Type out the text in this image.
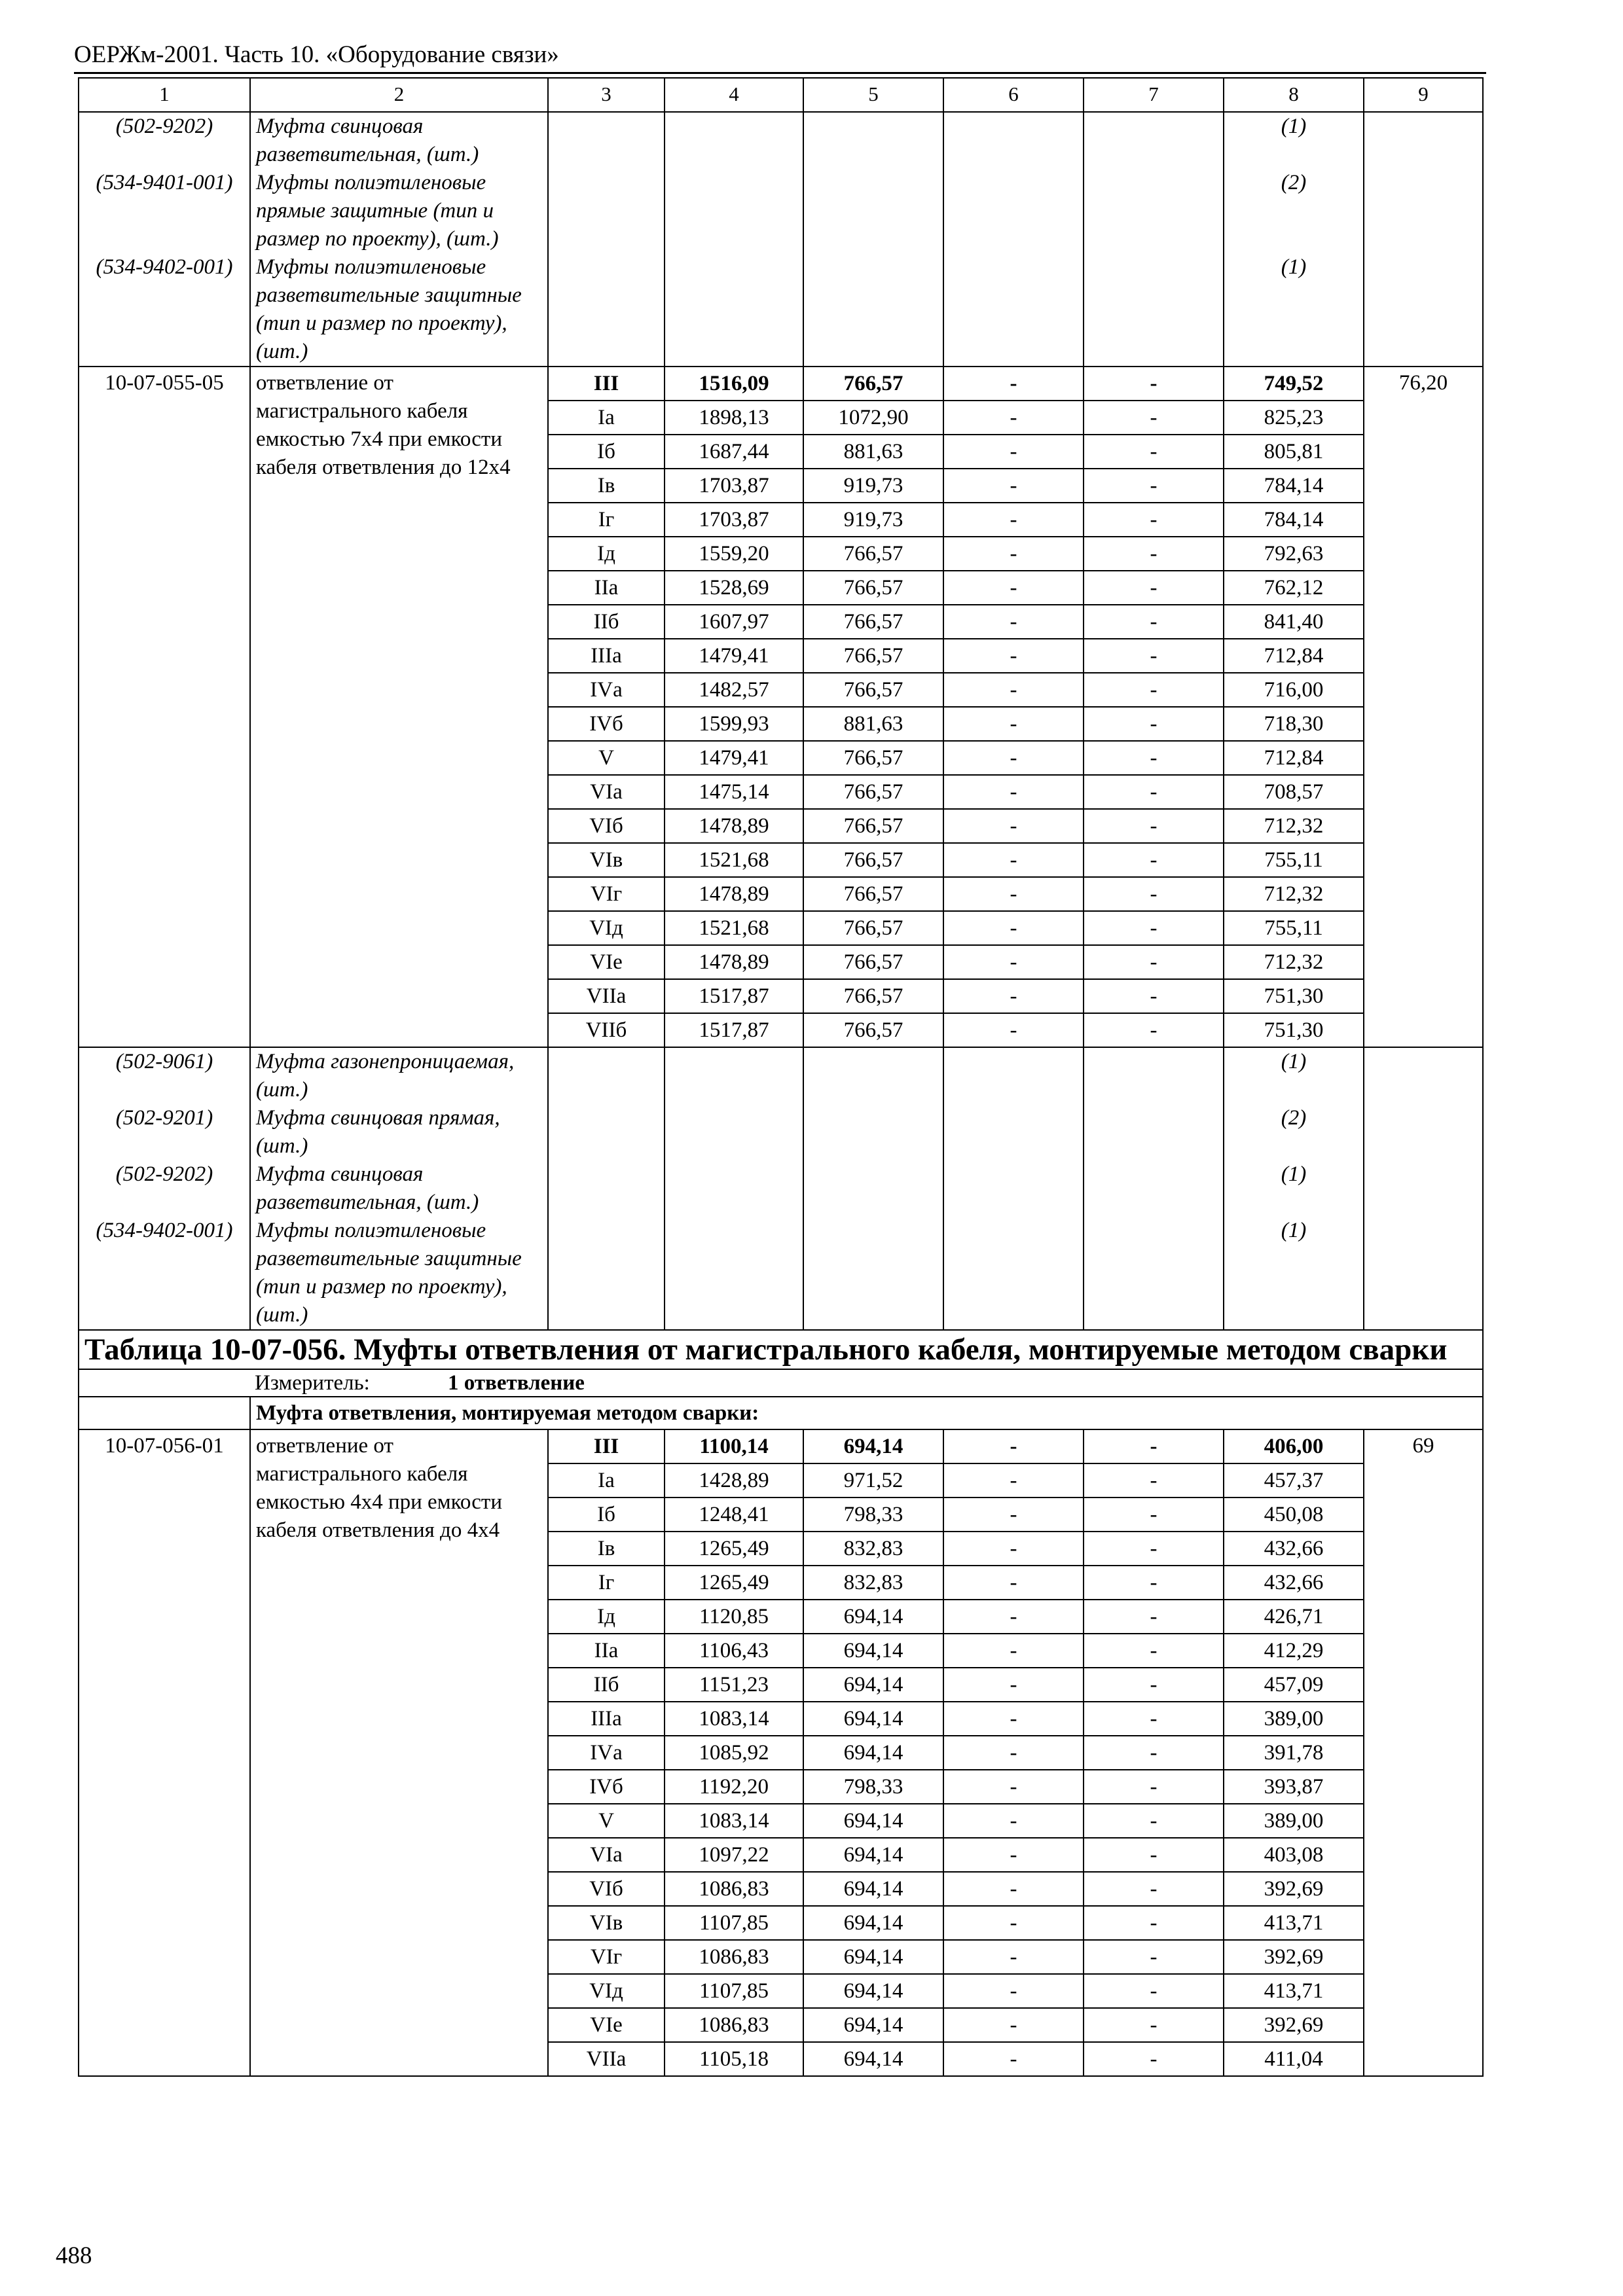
ОЕРЖм-2001. Часть 10. «Оборудование связи»
1	2	3	4	5	6	7	8	9
(502-9202)	Муфта свинцовая разветвительная, (шт.)						(1)	
(534-9401-001)	Муфты полиэтиленовые прямые защитные (тип и размер по проекту), (шт.)						(2)	
(534-9402-001)	Муфты полиэтиленовые разветвительные защитные (тип и размер по проекту), (шт.)						(1)	
10-07-055-05	ответвление от магистрального кабеля емкостью 7х4 при емкости кабеля ответвления до 12х4	III	1516,09	766,57	-	-	749,52	76,20
		Iа	1898,13	1072,90	-	-	825,23	
		Iб	1687,44	881,63	-	-	805,81	
		Iв	1703,87	919,73	-	-	784,14	
		Iг	1703,87	919,73	-	-	784,14	
		Iд	1559,20	766,57	-	-	792,63	
		IIа	1528,69	766,57	-	-	762,12	
		IIб	1607,97	766,57	-	-	841,40	
		IIIа	1479,41	766,57	-	-	712,84	
		IVа	1482,57	766,57	-	-	716,00	
		IVб	1599,93	881,63	-	-	718,30	
		V	1479,41	766,57	-	-	712,84	
		VIа	1475,14	766,57	-	-	708,57	
		VIб	1478,89	766,57	-	-	712,32	
		VIв	1521,68	766,57	-	-	755,11	
		VIг	1478,89	766,57	-	-	712,32	
		VIд	1521,68	766,57	-	-	755,11	
		VIе	1478,89	766,57	-	-	712,32	
		VIIа	1517,87	766,57	-	-	751,30	
		VIIб	1517,87	766,57	-	-	751,30	
(502-9061)	Муфта газонепроницаемая, (шт.)						(1)	
(502-9201)	Муфта свинцовая прямая, (шт.)						(2)	
(502-9202)	Муфта свинцовая разветвительная, (шт.)						(1)	
(534-9402-001)	Муфты полиэтиленовые разветвительные защитные (тип и размер по проекту), (шт.)						(1)	
Таблица 10-07-056. Муфты ответвления от магистрального кабеля, монтируемые методом сварки								
Измеритель: 1 ответвление								
	Муфта ответвления, монтируемая методом сварки:							
10-07-056-01	ответвление от магистрального кабеля емкостью 4х4 при емкости кабеля ответвления до 4х4	III	1100,14	694,14	-	-	406,00	69
		Iа	1428,89	971,52	-	-	457,37	
		Iб	1248,41	798,33	-	-	450,08	
		Iв	1265,49	832,83	-	-	432,66	
		Iг	1265,49	832,83	-	-	432,66	
		Iд	1120,85	694,14	-	-	426,71	
		IIа	1106,43	694,14	-	-	412,29	
		IIб	1151,23	694,14	-	-	457,09	
		IIIа	1083,14	694,14	-	-	389,00	
		IVа	1085,92	694,14	-	-	391,78	
		IVб	1192,20	798,33	-	-	393,87	
		V	1083,14	694,14	-	-	389,00	
		VIа	1097,22	694,14	-	-	403,08	
		VIб	1086,83	694,14	-	-	392,69	
		VIв	1107,85	694,14	-	-	413,71	
		VIг	1086,83	694,14	-	-	392,69	
		VIд	1107,85	694,14	-	-	413,71	
		VIе	1086,83	694,14	-	-	392,69	
		VIIа	1105,18	694,14	-	-	411,04	
488
